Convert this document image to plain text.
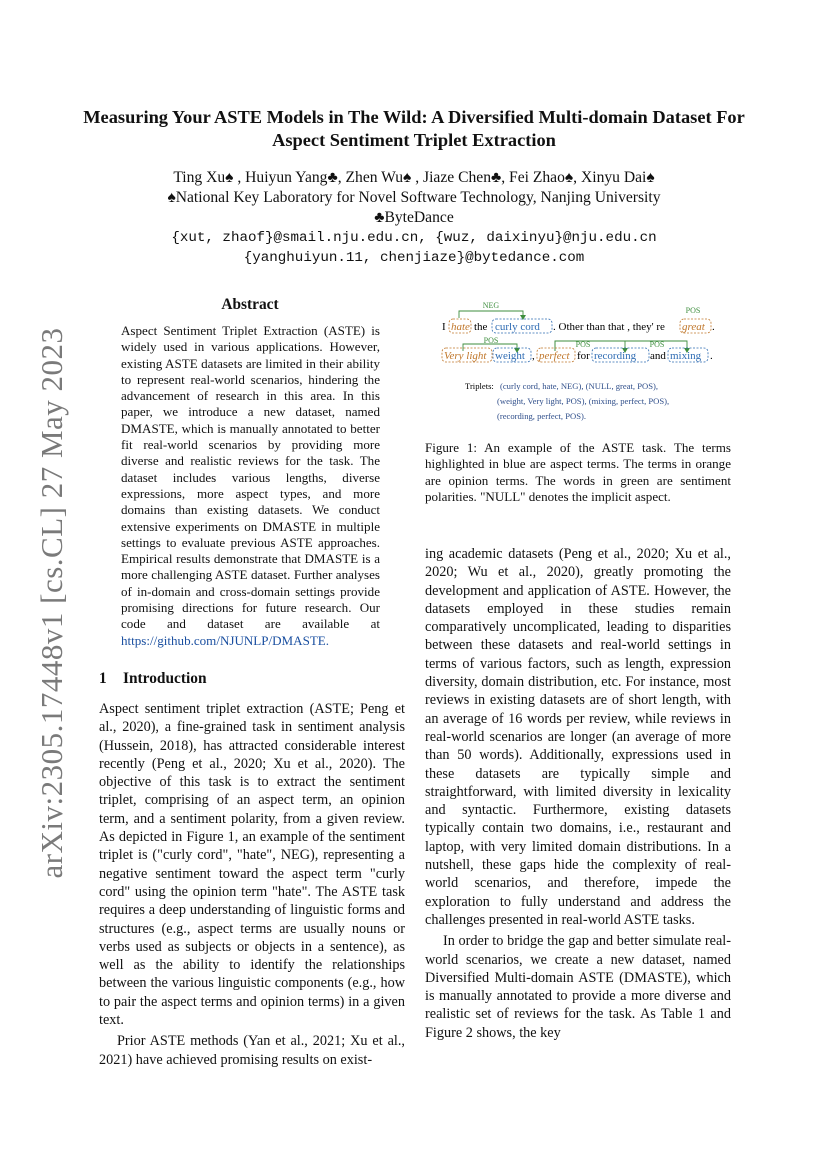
arXiv:2305.17448v1 [cs.CL] 27 May 2023
Measuring Your ASTE Models in The Wild: A Diversified Multi-domain Dataset For Aspect Sentiment Triplet Extraction
Ting Xu♠ , Huiyun Yang♣, Zhen Wu♠ , Jiaze Chen♣, Fei Zhao♠, Xinyu Dai♠
♠National Key Laboratory for Novel Software Technology, Nanjing University
♣ByteDance
{xut, zhaof}@smail.nju.edu.cn, {wuz, daixinyu}@nju.edu.cn
{yanghuiyun.11, chenjiaze}@bytedance.com
Abstract
Aspect Sentiment Triplet Extraction (ASTE) is widely used in various applications. However, existing ASTE datasets are limited in their ability to represent real-world scenarios, hindering the advancement of research in this area. In this paper, we introduce a new dataset, named DMASTE, which is manually annotated to better fit real-world scenarios by providing more diverse and realistic reviews for the task. The dataset includes various lengths, diverse expressions, more aspect types, and more domains than existing datasets. We conduct extensive experiments on DMASTE in multiple settings to evaluate previous ASTE approaches. Empirical results demonstrate that DMASTE is a more challenging ASTE dataset. Further analyses of in-domain and cross-domain settings provide promising directions for future research. Our code and dataset are available at https://github.com/NJUNLP/DMASTE.
NEG
POS
I hate the curly cord . Other than that , they' re great .
POS	POS	POS
Very light weight , perfect for recording and mixing .
Triplets: (curly cord, hate, NEG), (NULL, great, POS),
(weight, Very light, POS), (mixing, perfect, POS),
(recording, perfect, POS).
Figure 1: An example of the ASTE task. The terms highlighted in blue are aspect terms. The terms in orange are opinion terms. The words in green are sentiment polarities. "NULL" denotes the implicit aspect.
1 Introduction

Aspect sentiment triplet extraction (ASTE; Peng et al., 2020), a fine-grained task in sentiment analysis (Hussein, 2018), has attracted considerable interest recently (Peng et al., 2020; Xu et al., 2020). The objective of this task is to extract the sentiment triplet, comprising of an aspect term, an opinion term, and a sentiment polarity, from a given review. As depicted in Figure 1, an example of the sentiment triplet is ("curly cord", "hate", NEG), representing a negative sentiment toward the aspect term "curly cord" using the opinion term "hate". The ASTE task requires a deep understanding of linguistic forms and structures (e.g., aspect terms are usually nouns or verbs used as subjects or objects in a sentence), as well as the ability to identify the relationships between the various linguistic components (e.g., how to pair the aspect terms and opinion terms) in a given text.

Prior ASTE methods (Yan et al., 2021; Xu et al., 2021) have achieved promising results on exist-

ing academic datasets (Peng et al., 2020; Xu et al., 2020; Wu et al., 2020), greatly promoting the development and application of ASTE. However, the datasets employed in these studies remain comparatively uncomplicated, leading to disparities between these datasets and real-world settings in terms of various factors, such as length, expression diversity, domain distribution, etc. For instance, most reviews in existing datasets are of short length, with an average of 16 words per review, while reviews in real-world scenarios are longer (an average of more than 50 words). Additionally, expressions used in these datasets are typically simple and straightforward, with limited diversity in lexicality and syntactic. Furthermore, existing datasets typically contain two domains, i.e., restaurant and laptop, with very limited domain distributions. In a nutshell, these gaps hide the complexity of real-world scenarios, and therefore, impede the exploration to fully understand and address the challenges presented in real-world ASTE tasks.

In order to bridge the gap and better simulate real-world scenarios, we create a new dataset, named Diversified Multi-domain ASTE (DMASTE), which is manually annotated to provide a more diverse and realistic set of reviews for the task. As Table 1 and Figure 2 shows, the key
